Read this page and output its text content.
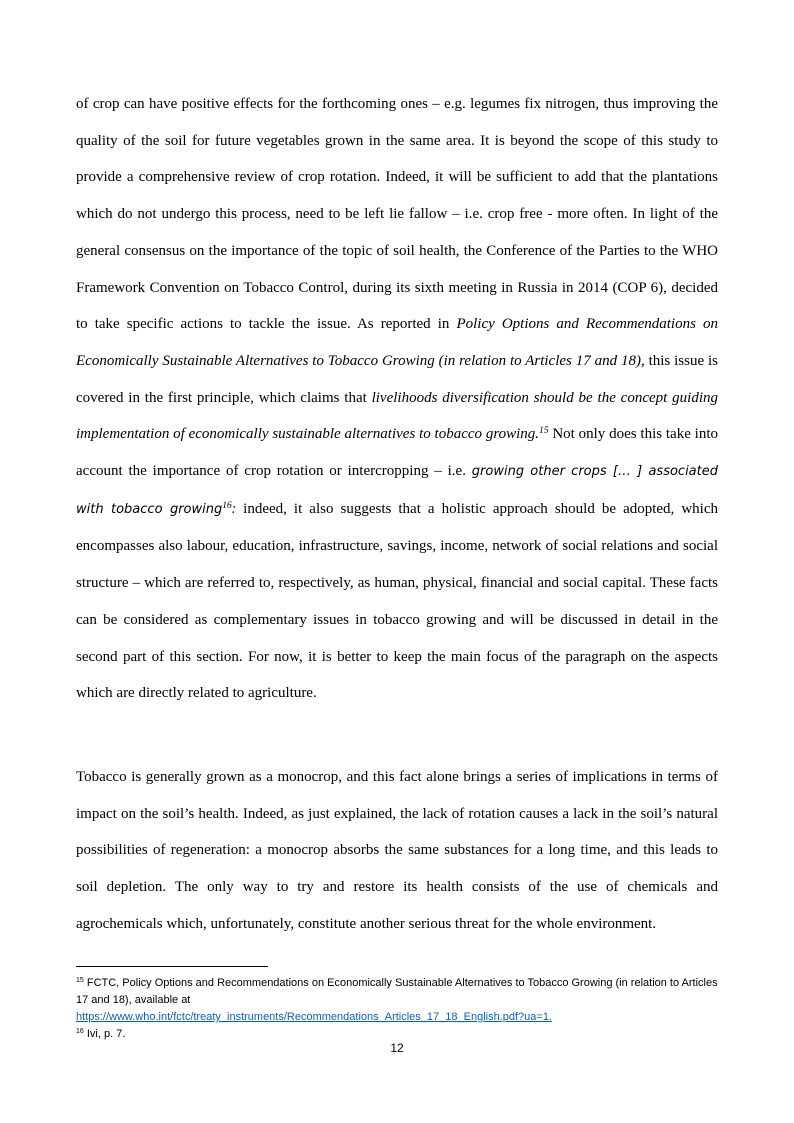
of crop can have positive effects for the forthcoming ones – e.g. legumes fix nitrogen, thus improving the quality of the soil for future vegetables grown in the same area. It is beyond the scope of this study to provide a comprehensive review of crop rotation. Indeed, it will be sufficient to add that the plantations which do not undergo this process, need to be left lie fallow – i.e. crop free - more often. In light of the general consensus on the importance of the topic of soil health, the Conference of the Parties to the WHO Framework Convention on Tobacco Control, during its sixth meeting in Russia in 2014 (COP 6), decided to take specific actions to tackle the issue. As reported in Policy Options and Recommendations on Economically Sustainable Alternatives to Tobacco Growing (in relation to Articles 17 and 18), this issue is covered in the first principle, which claims that livelihoods diversification should be the concept guiding implementation of economically sustainable alternatives to tobacco growing.$^{15}$ Not only does this take into account the importance of crop rotation or intercropping – i.e. growing other crops [… ] associated with tobacco growing$^{16}$: indeed, it also suggests that a holistic approach should be adopted, which encompasses also labour, education, infrastructure, savings, income, network of social relations and social structure – which are referred to, respectively, as human, physical, financial and social capital. These facts can be considered as complementary issues in tobacco growing and will be discussed in detail in the second part of this section. For now, it is better to keep the main focus of the paragraph on the aspects which are directly related to agriculture.

Tobacco is generally grown as a monocrop, and this fact alone brings a series of implications in terms of impact on the soil’s health. Indeed, as just explained, the lack of rotation causes a lack in the soil’s natural possibilities of regeneration: a monocrop absorbs the same substances for a long time, and this leads to soil depletion. The only way to try and restore its health consists of the use of chemicals and agrochemicals which, unfortunately, constitute another serious threat for the whole environment.

$^{15}$ FCTC, Policy Options and Recommendations on Economically Sustainable Alternatives to Tobacco Growing (in relation to Articles 17 and 18), available at
https://www.who.int/fctc/treaty_instruments/Recommendations_Articles_17_18_English.pdf?ua=1.

$^{16}$ Ivi, p. 7.

12
